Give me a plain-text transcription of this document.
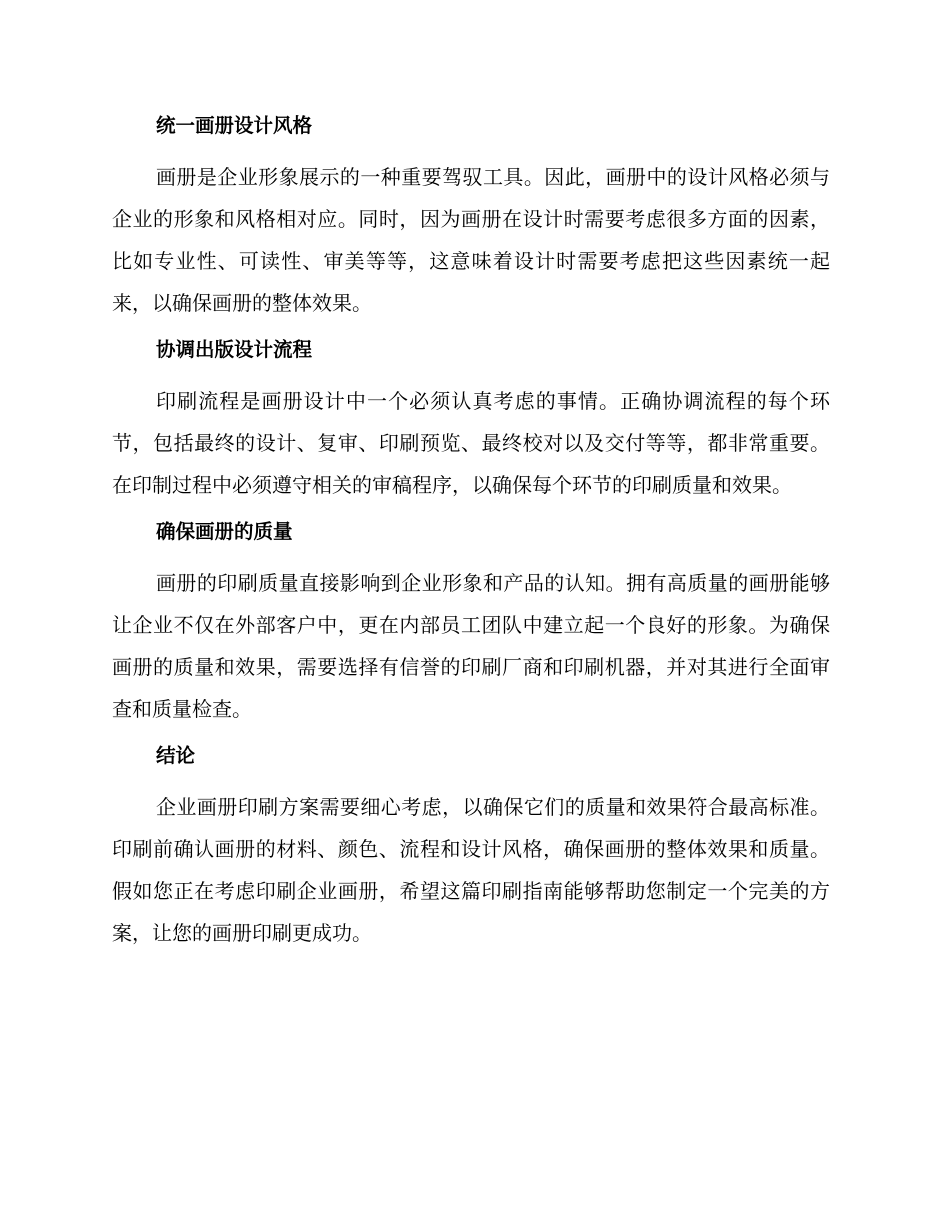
统一画册设计风格

画册是企业形象展示的一种重要驾驭工具。因此，画册中的设计风格必须与企业的形象和风格相对应。同时，因为画册在设计时需要考虑很多方面的因素，比如专业性、可读性、审美等等，这意味着设计时需要考虑把这些因素统一起来，以确保画册的整体效果。

协调出版设计流程

印刷流程是画册设计中一个必须认真考虑的事情。正确协调流程的每个环节，包括最终的设计、复审、印刷预览、最终校对以及交付等等，都非常重要。在印制过程中必须遵守相关的审稿程序，以确保每个环节的印刷质量和效果。

确保画册的质量

画册的印刷质量直接影响到企业形象和产品的认知。拥有高质量的画册能够让企业不仅在外部客户中，更在内部员工团队中建立起一个良好的形象。为确保画册的质量和效果，需要选择有信誉的印刷厂商和印刷机器，并对其进行全面审查和质量检查。

结论

企业画册印刷方案需要细心考虑，以确保它们的质量和效果符合最高标准。印刷前确认画册的材料、颜色、流程和设计风格，确保画册的整体效果和质量。假如您正在考虑印刷企业画册，希望这篇印刷指南能够帮助您制定一个完美的方案，让您的画册印刷更成功。
